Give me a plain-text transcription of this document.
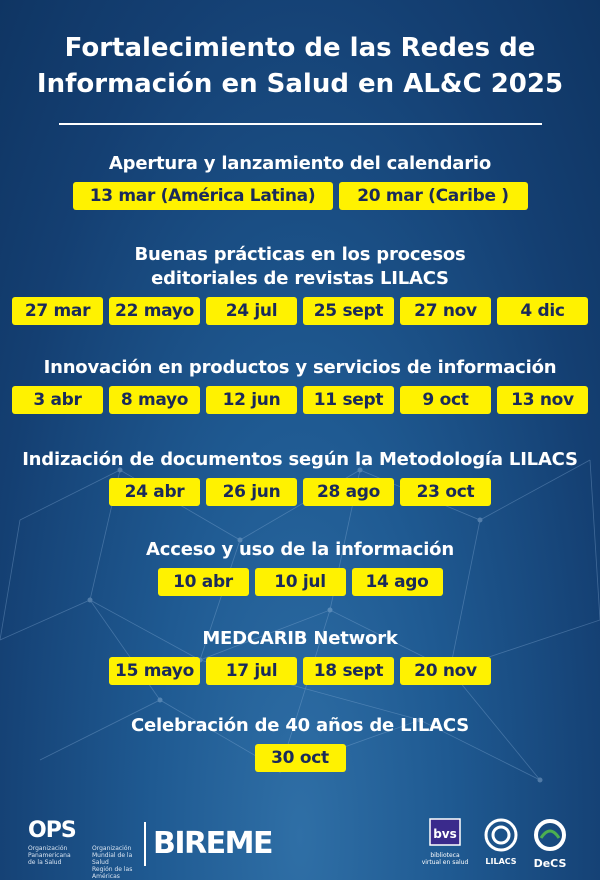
Fortalecimiento de las Redes de
Información en Salud en AL&C 2025
Apertura y lanzamiento del calendario
13 mar (América Latina)	20 mar (Caribe )
Buenas prácticas en los procesos
editoriales de revistas LILACS
27 mar	22 mayo	24 jul	25 sept	27 nov	4 dic
Innovación en productos y servicios de información
3 abr	8 mayo	12 jun	11 sept	9 oct	13 nov
Indización de documentos según la Metodología LILACS
24 abr	26 jun	28 ago	23 oct
Acceso y uso de la información
10 abr	10 jul	14 ago
MEDCARIB Network
15 mayo	17 jul	18 sept	20 nov
Celebración de 40 años de LILACS
30 oct
OPS
Organización Panamericana de la Salud
Organización Mundial de la Salud
Región de las Américas
BIREME	bvs
biblioteca
virtual en salud	LILACS	DeCS
